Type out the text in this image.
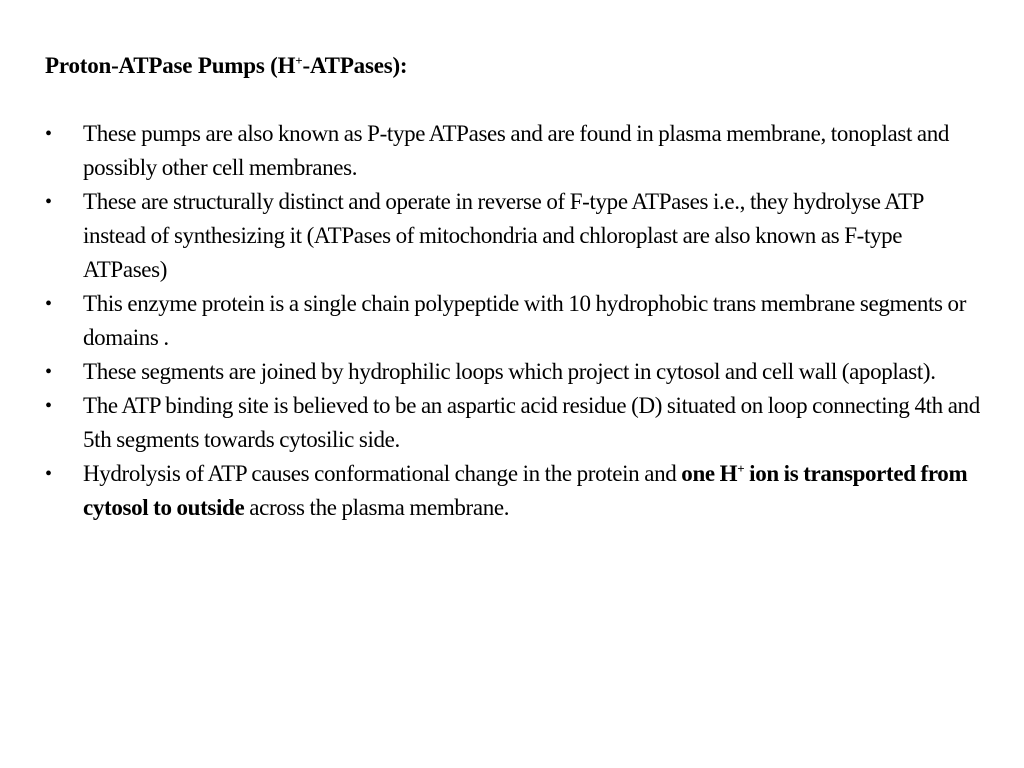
Proton-ATPase Pumps (H+-ATPases):
•	These pumps are also known as P-type ATPases and are found in plasma membrane, tonoplast and possibly other cell membranes.
•	These are structurally distinct and operate in reverse of F-type ATPases i.e., they hydrolyse ATP instead of synthesizing it (ATPases of mitochondria and chloroplast are also known as F-type ATPases)
•	This enzyme protein is a single chain polypeptide with 10 hydrophobic trans membrane segments or domains .
•	These segments are joined by hydrophilic loops which project in cytosol and cell wall (apoplast).
•	The ATP binding site is believed to be an aspartic acid residue (D) situated on loop connecting 4th and 5th segments towards cytosilic side.
•	Hydrolysis of ATP causes conformational change in the protein and one H+ ion is transported from cytosol to outside across the plasma membrane.
